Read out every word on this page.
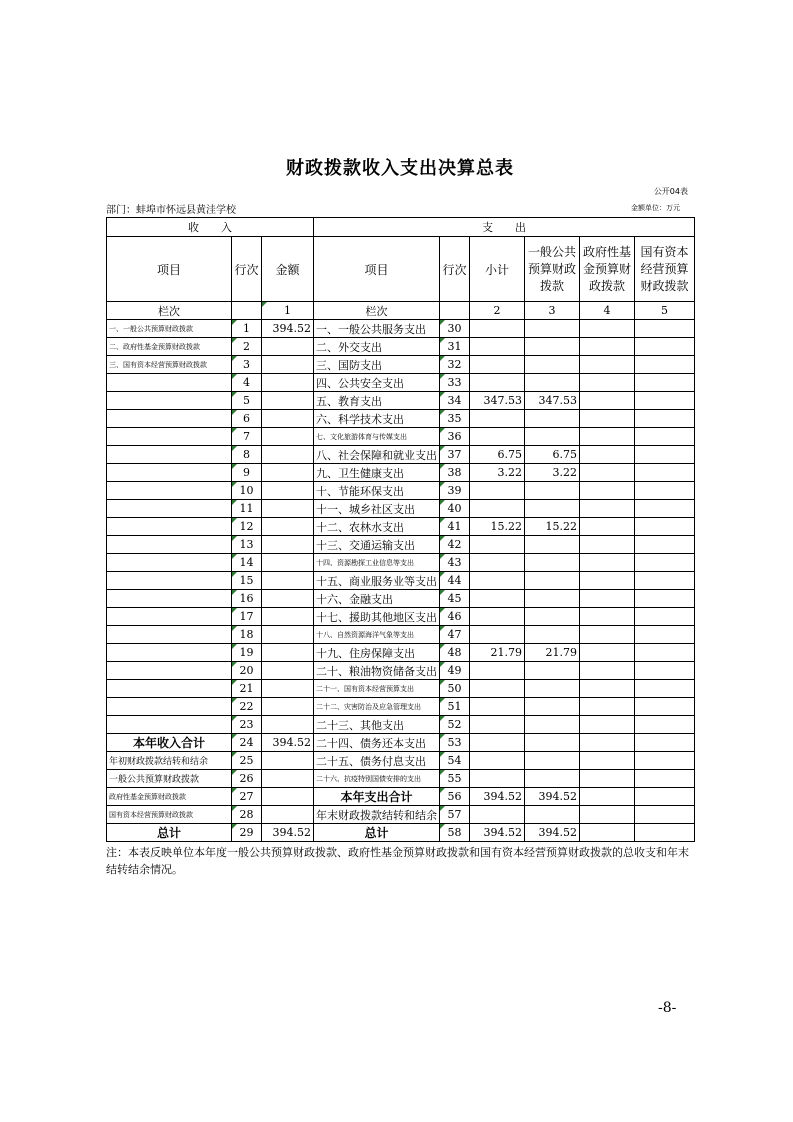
财政拨款收入支出决算总表
公开04表
部门：蚌埠市怀远县黄洼学校	金额单位：万元
收　　入			支　　出					
项目	行次	金额	项目	行次	小计	一般公共预算财政拨款	政府性基金预算财政拨款	国有资本经营预算财政拨款
栏次		1	栏次		2	3	4	5
一、一般公共预算财政拨款	1	394.52	一、一般公共服务支出	30				
二、政府性基金预算财政拨款	2		二、外交支出	31				
三、国有资本经营预算财政拨款	3		三、国防支出	32				
	4		四、公共安全支出	33				
	5		五、教育支出	34	347.53	347.53		
	6		六、科学技术支出	35				
	7		七、文化旅游体育与传媒支出	36				
	8		八、社会保障和就业支出	37	6.75	6.75		
	9		九、卫生健康支出	38	3.22	3.22		
	10		十、节能环保支出	39				
	11		十一、城乡社区支出	40				
	12		十二、农林水支出	41	15.22	15.22		
	13		十三、交通运输支出	42				
	14		十四、资源勘探工业信息等支出	43				
	15		十五、商业服务业等支出	44				
	16		十六、金融支出	45				
	17		十七、援助其他地区支出	46				
	18		十八、自然资源海洋气象等支出	47				
	19		十九、住房保障支出	48	21.79	21.79		
	20		二十、粮油物资储备支出	49				
	21		二十一、国有资本经营预算支出	50				
	22		二十二、灾害防治及应急管理支出	51				
	23		二十三、其他支出	52				
本年收入合计	24	394.52	二十四、债务还本支出	53				
年初财政拨款结转和结余	25		二十五、债务付息支出	54				
一般公共预算财政拨款	26		二十六、抗疫特别国债安排的支出	55				
政府性基金预算财政拨款	27		本年支出合计	56	394.52	394.52		
国有资本经营预算财政拨款	28		年末财政拨款结转和结余	57				
总计	29	394.52	总计	58	394.52	394.52		
注：本表反映单位本年度一般公共预算财政拨款、政府性基金预算财政拨款和国有资本经营预算财政拨款的总收支和年末结转结余情况。
-8-
